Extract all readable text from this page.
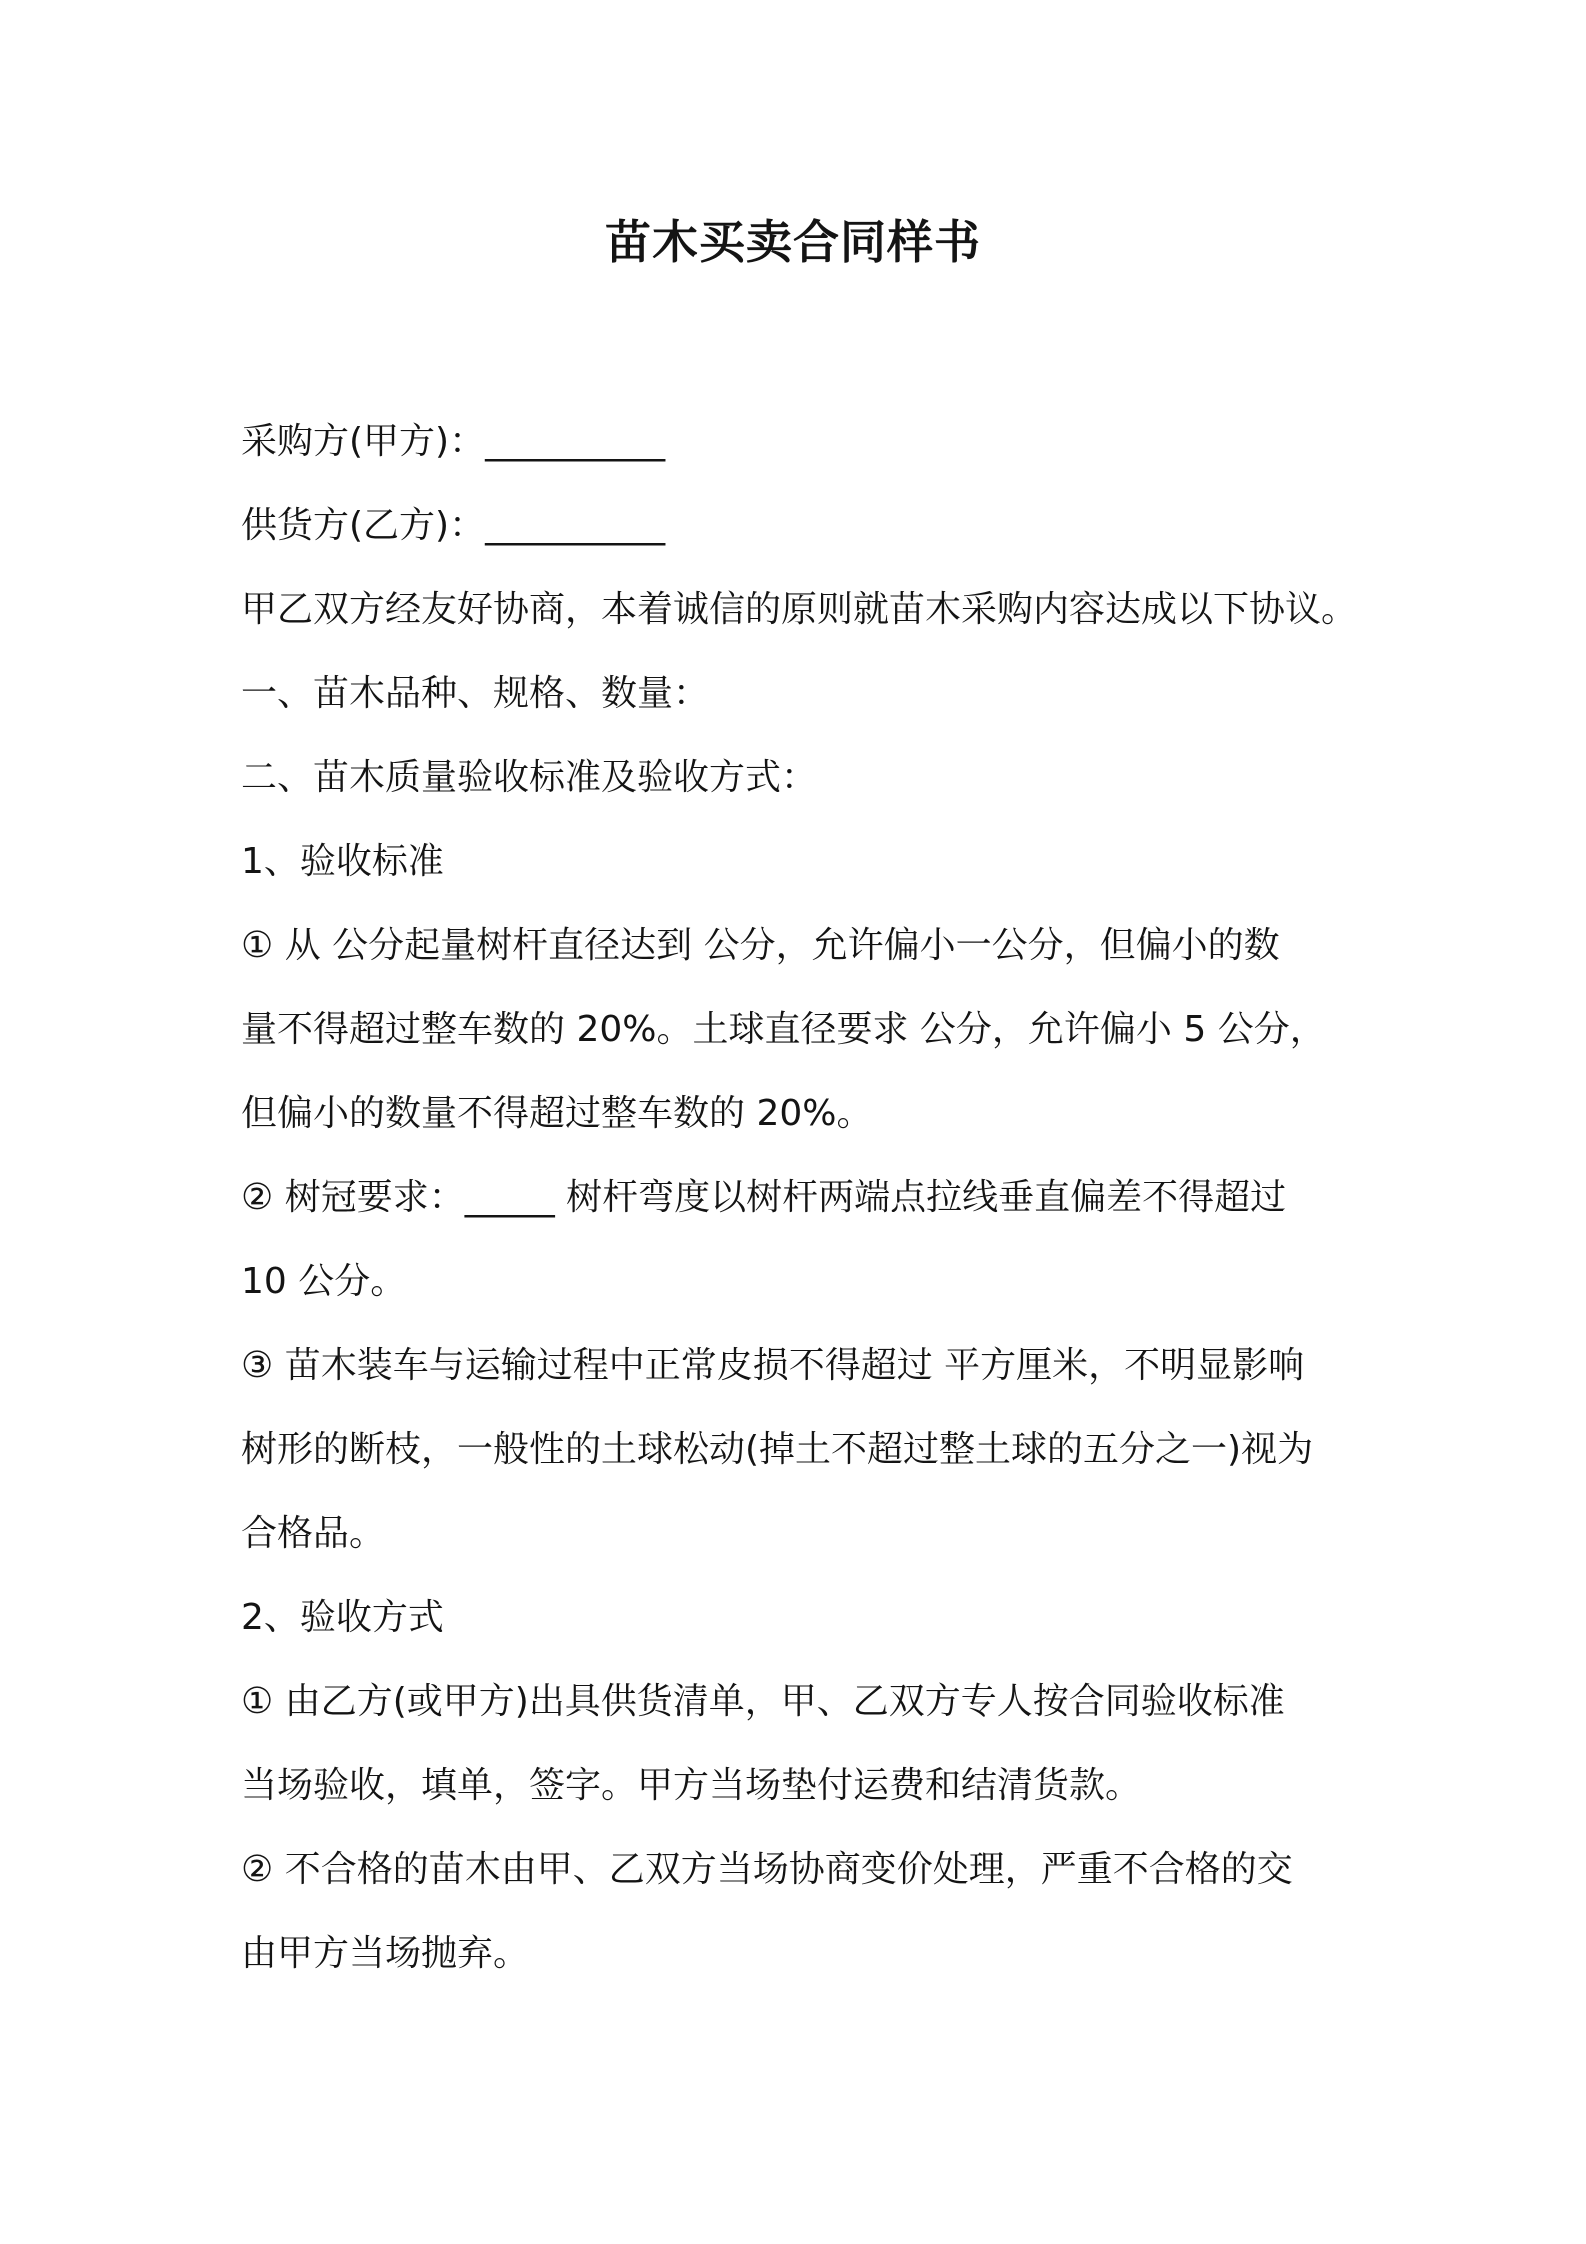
苗木买卖合同样书

采购方(甲方)：__________

供货方(乙方)：__________

甲乙双方经友好协商，本着诚信的原则就苗木采购内容达成以下协议。

一、苗木品种、规格、数量：

二、苗木质量验收标准及验收方式：

1、验收标准

① 从 公分起量树杆直径达到 公分，允许偏小一公分，但偏小的数

量不得超过整车数的 20%。土球直径要求 公分，允许偏小 5 公分，

但偏小的数量不得超过整车数的 20%。

② 树冠要求：_____ 树杆弯度以树杆两端点拉线垂直偏差不得超过

10 公分。

③ 苗木装车与运输过程中正常皮损不得超过 平方厘米，不明显影响

树形的断枝，一般性的土球松动(掉土不超过整土球的五分之一)视为

合格品。

2、验收方式

① 由乙方(或甲方)出具供货清单，甲、乙双方专人按合同验收标准

当场验收，填单，签字。甲方当场垫付运费和结清货款。

② 不合格的苗木由甲、乙双方当场协商变价处理，严重不合格的交

由甲方当场抛弃。
